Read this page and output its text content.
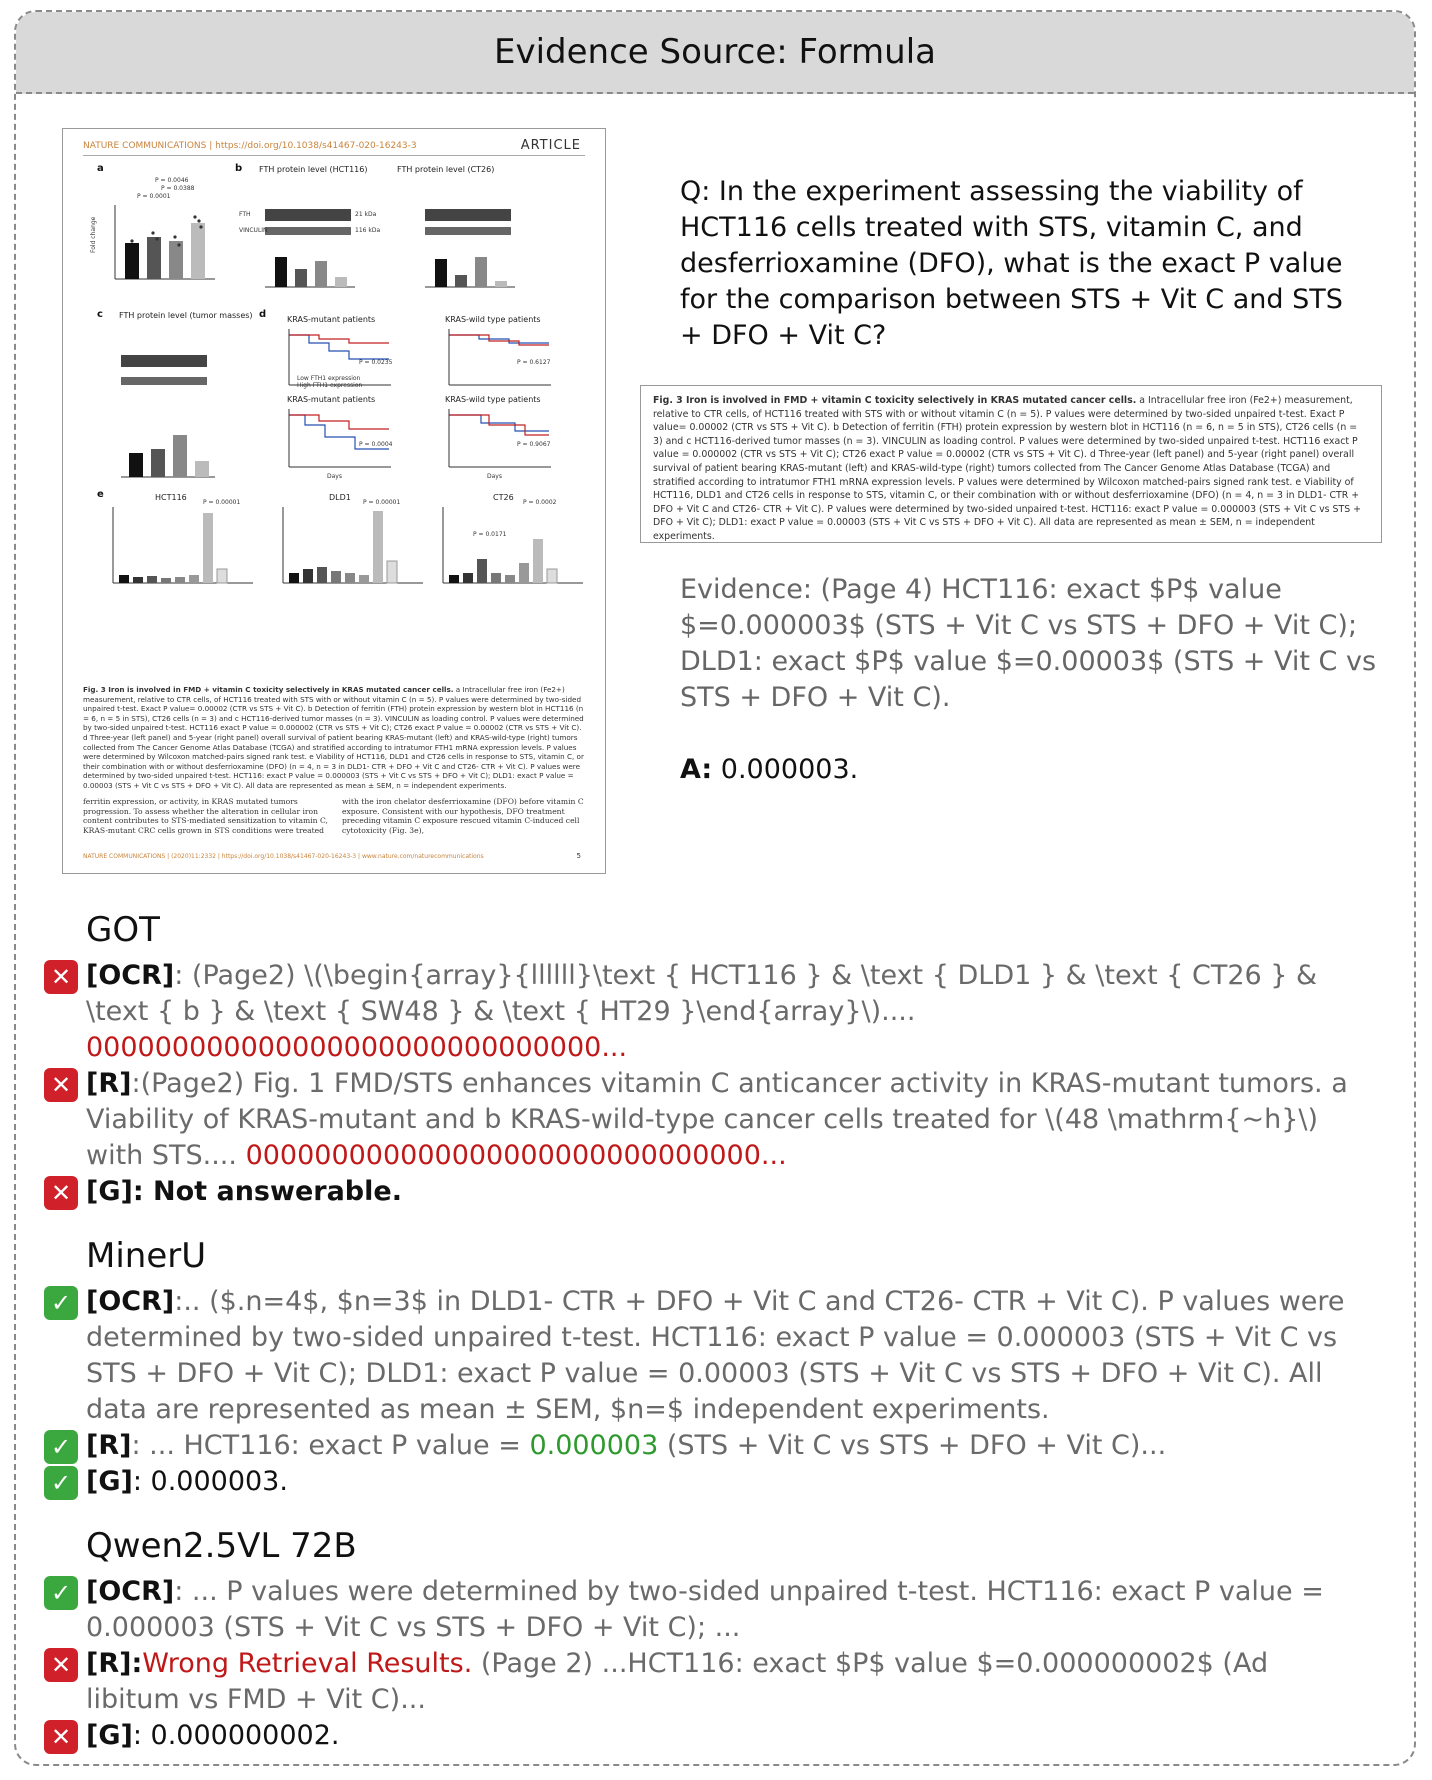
Evidence Source: Formula
NATURE COMMUNICATIONS | https://doi.org/10.1038/s41467-020-16243-3	ARTICLE
a
P = 0.0046
P = 0.0388
P = 0.0001
Fold change
b FTH protein level (HCT116)	FTH protein level (CT26)
FTH
VINCULIN
21 kDa
116 kDa
c FTH protein level (tumor masses) d	KRAS-mutant patients	KRAS-wild type patients
KRAS-mutant patients	KRAS-wild type patients
P = 0.0235	P = 0.6127
P = 0.0004	P = 0.9067
Low FTH1 expression
High FTH1 expression
Days	Days
e	HCT116	DLD1	CT26
P = 0.00001	P = 0.00001	P = 0.0002
P = 0.0171
Fig. 3 Iron is involved in FMD + vitamin C toxicity selectively in KRAS mutated cancer cells. a Intracellular free iron (Fe2+) measurement, relative to CTR cells, of HCT116 treated with STS with or without vitamin C (n = 5). P values were determined by two-sided unpaired t-test. Exact P value= 0.00002 (CTR vs STS + Vit C). b Detection of ferritin (FTH) protein expression by western blot in HCT116 (n = 6, n = 5 in STS), CT26 cells (n = 3) and c HCT116-derived tumor masses (n = 3). VINCULIN as loading control. P values were determined by two-sided unpaired t-test. HCT116 exact P value = 0.000002 (CTR vs STS + Vit C); CT26 exact P value = 0.00002 (CTR vs STS + Vit C). d Three-year (left panel) and 5-year (right panel) overall survival of patient bearing KRAS-mutant (left) and KRAS-wild-type (right) tumors collected from The Cancer Genome Atlas Database (TCGA) and stratified according to intratumor FTH1 mRNA expression levels. P values were determined by Wilcoxon matched-pairs signed rank test. e Viability of HCT116, DLD1 and CT26 cells in response to STS, vitamin C, or their combination with or without desferrioxamine (DFO) (n = 4, n = 3 in DLD1- CTR + DFO + Vit C and CT26- CTR + Vit C). P values were determined by two-sided unpaired t-test. HCT116: exact P value = 0.000003 (STS + Vit C vs STS + DFO + Vit C); DLD1: exact P value = 0.00003 (STS + Vit C vs STS + DFO + Vit C). All data are represented as mean ± SEM, n = independent experiments.
ferritin expression, or activity, in KRAS mutated tumors progression. To assess whether the alteration in cellular iron content contributes to STS-mediated sensitization to vitamin C, KRAS-mutant CRC cells grown in STS conditions were treated with the iron chelator desferrioxamine (DFO) before vitamin C exposure. Consistent with our hypothesis, DFO treatment preceding vitamin C exposure rescued vitamin C-induced cell cytotoxicity (Fig. 3e),
NATURE COMMUNICATIONS | (2020)11:2332 | https://doi.org/10.1038/s41467-020-16243-3 | www.nature.com/naturecommunications	5
Q: In the experiment assessing the viability of HCT116 cells treated with STS, vitamin C, and desferrioxamine (DFO), what is the exact P value for the comparison between STS + Vit C and STS + DFO + Vit C?
Fig. 3 Iron is involved in FMD + vitamin C toxicity selectively in KRAS mutated cancer cells. a Intracellular free iron (Fe2+) measurement, relative to CTR cells, of HCT116 treated with STS with or without vitamin C (n = 5). P values were determined by two-sided unpaired t-test. Exact P value= 0.00002 (CTR vs STS + Vit C). b Detection of ferritin (FTH) protein expression by western blot in HCT116 (n = 6, n = 5 in STS), CT26 cells (n = 3) and c HCT116-derived tumor masses (n = 3). VINCULIN as loading control. P values were determined by two-sided unpaired t-test. HCT116 exact P value = 0.000002 (CTR vs STS + Vit C); CT26 exact P value = 0.00002 (CTR vs STS + Vit C). d Three-year (left panel) and 5-year (right panel) overall survival of patient bearing KRAS-mutant (left) and KRAS-wild-type (right) tumors collected from The Cancer Genome Atlas Database (TCGA) and stratified according to intratumor FTH1 mRNA expression levels. P values were determined by Wilcoxon matched-pairs signed rank test. e Viability of HCT116, DLD1 and CT26 cells in response to STS, vitamin C, or their combination with or without desferrioxamine (DFO) (n = 4, n = 3 in DLD1- CTR + DFO + Vit C and CT26- CTR + Vit C). P values were determined by two-sided unpaired t-test. HCT116: exact P value = 0.000003 (STS + Vit C vs STS + DFO + Vit C); DLD1: exact P value = 0.00003 (STS + Vit C vs STS + DFO + Vit C). All data are represented as mean ± SEM, n = independent experiments.
Evidence: (Page 4) HCT116: exact $P$ value $=0.000003$ (STS + Vit C vs STS + DFO + Vit C); DLD1: exact $P$ value $=0.00003$ (STS + Vit C vs STS + DFO + Vit C).
A: 0.000003.
GOT
✕ [OCR]: (Page2) \(\begin{array}{llllll}\text { HCT116 } & \text { DLD1 } & \text { CT26 } & \text { b } & \text { SW48 } & \text { HT29 }\end{array}\)....
000000000000000000000000000000...
✕ [R]:(Page2) Fig. 1 FMD/STS enhances vitamin C anticancer activity in KRAS-mutant tumors. a Viability of KRAS-mutant and b KRAS-wild-type cancer cells treated for \(48 \mathrm{~h}\) with STS.... 000000000000000000000000000000...
✕ [G]: Not answerable.
MinerU
✓ [OCR]:.. ($.n=4$, $n=3$ in DLD1- CTR + DFO + Vit C and CT26- CTR + Vit C). P values were determined by two-sided unpaired t-test. HCT116: exact P value = 0.000003 (STS + Vit C vs STS + DFO + Vit C); DLD1: exact P value = 0.00003 (STS + Vit C vs STS + DFO + Vit C). All data are represented as mean ± SEM, $n=$ independent experiments.
✓ [R]: ... HCT116: exact P value = 0.000003 (STS + Vit C vs STS + DFO + Vit C)...
✓ [G]: 0.000003.
Qwen2.5VL 72B
✓ [OCR]: ... P values were determined by two-sided unpaired t-test. HCT116: exact P value = 0.000003 (STS + Vit C vs STS + DFO + Vit C); ...
✕ [R]:Wrong Retrieval Results. (Page 2) ...HCT116: exact $P$ value $=0.000000002$ (Ad libitum vs FMD + Vit C)...
✕ [G]: 0.000000002.
